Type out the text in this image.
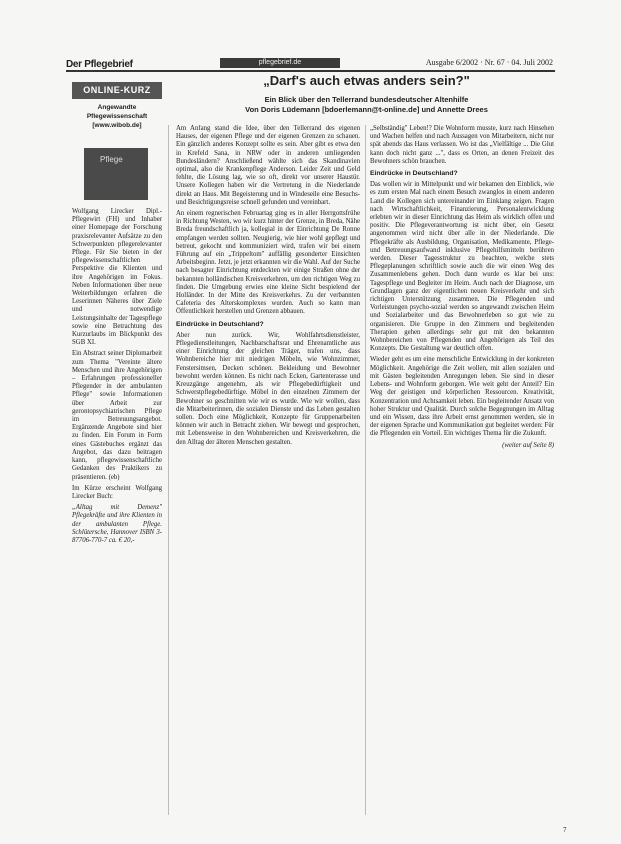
Der Pflegebrief	pflegebrief.de	Ausgabe 6/2002 · Nr. 67 · 04. Juli 2002
ONLINE-KURZ
Angewandte
Pflegewissenschaft
[www.wibob.de]
Pflege

Wolfgang Lirecker Dipl.-Pflegewirt (FH) und Inhaber einer Homepage der Forschung praxisrelevanter Aufsätze zu den Schwerpunkten pflegerelevanter Pflege. Für Sie bieten in der pflegewissenschaftlichen Perspektive die Klienten und ihre Angehörigen im Fokus. Neben Informationen über neue Weiterbildungen erfahren die Leserinnen Näheres über Ziele und notwendige Leistungsinhalte der Tagespflege sowie eine Betrachtung des Kurzurlaubs im Blickpunkt des SGB XI.

Ein Abstract seiner Diplomarbeit zum Thema "Vereinte ältere Menschen und ihre Angehörigen – Erfahrungen professioneller Pflegender in der ambulanten Pflege" sowie Informationen über Arbeit zur gerontopsychiatrischen Pflege im Betreuungsangebot. Ergänzende Angebote sind hier zu finden. Ein Forum in Form eines Gästebuches ergänzt das Angebot, das dazu beitragen kann, pflegewissenschaftliche Gedanken des Praktikers zu präsentieren. (eb)

Im Kürze erscheint Wolfgang Lirecker Buch:

„Alltag mit Demenz" Pflegekräfte und ihre Klienten in der ambulanten Pflege. Schlütersche, Hannover ISBN 3-87706-770-7 ca. € 20,-

„Darf's auch etwas anders sein?"
Ein Blick über den Tellerrand bundesdeutscher Altenhilfe
Von Doris Lüdemann [bdoerlemann@t-online.de] und Annette Drees

Am Anfang stand die Idee, über den Tellerrand des eigenen Hauses, der eigenen Pflege und der eigenen Grenzen zu schauen. Ein gänzlich anderes Konzept sollte es sein. Aber gibt es etwa den in Krefeld Sana, in NRW oder in anderen umliegenden Bundesländern? Anschließend wählte sich das Skandinavien optimal, also die Krankenpflege Anderson. Leider Zeit und Geld fehlte, die Lösung lag, wie so oft, direkt vor unserer Haustür. Unsere Kollegen haben wir die Vertretung in die Niederlande direkt an Haus. Mit Begeisterung und in Windeseile eine Besuchs- und Besichtigungsreise schnell gefunden und vereinbart.

An einem regnerischen Februartag ging es in aller Herrgottsfrühe in Richtung Westen, wo wir kurz hinter der Grenze, in Breda, Nähe Breda freundschaftlich ja, kollegial in der Einrichtung De Ronne empfangen werden sollten. Neugierig, wie hier wohl gepflegt und betreut, gekocht und kommuniziert wird, trafen wir bei einem Führung auf ein „Trippeltom" auffällig gesonderter Einsichten Arbeitsbeginn. Jetzt, je jetzt erkannten wir die Wahl. Auf der Suche nach besagter Einrichtung entdeckten wir einige Straßen ohne der bekannten holländischen Kreisverkehren, um den richtigen Weg zu finden. Die Umgebung erwies eine kleine Sicht bespielend der Holländer. In der Mitte des Kreisverkehrs. Zu der verbannten Cafeteria des Alterskomplexes wurden. Auch so kann man Öffentlichkeit herstellen und Grenzen abbauen.

Eindrücke in Deutschland?

Aber nun zurück. Wir, Wohlfahrtsdienstleister, Pflegedienstleitungen, Nachbarschaftsrat und Ehrenamtliche aus einer Einrichtung der gleichen Träger, trafen uns, dass Wohnbereiche hier mit niedrigen Möbeln, wie Wohnzimmer, Fenstersimsen, Decken schönen. Bekleidung und Bewohner bewohnt werden können. Es nicht nach Ecken, Gartenterasse und Kreuzgänge angenehm, als wir Pflegebedürftigkeit und Schwerstpflegebedürftige. Möbel in den einzelnen Zimmern der Bewohner so geschnitten wie wir es wurde. Wie wir wollen, dass die Mitarbeiterinnen, die sozialen Dienste und das Leben gestalten sollen. Doch eine Möglichkeit, Konzepte für Gruppenarbeiten können wir auch in Betracht ziehen. Wir bewegt und gesprochen, mit Lebensweise in den Wohnbereichen und Kreisverkehren, die den Alltag der älteren Menschen gestalten.

„Selbständig" Leben!? Die Wohnform musste, kurz nach Hinsehen und Wachen helfen und nach Aussagen von Mitarbeitern, nicht nur spät abends das Haus verlassen. Wo ist das „Vielfältige ... Die Glut kann doch nicht ganz ...", dass es Orten, an denen Freizeit des Bewohners schön brauchen.

Eindrücke in Deutschland?

Das wollen wir in Mittelpunkt und wir bekamen den Einblick, wie es zum ersten Mal nach einem Besuch zwanglos in einem anderen Land die Kollegen sich untereinander im Einklang zeigen. Fragen nach Wirtschaftlichkeit, Finanzierung, Personalentwicklung erlebten wir in dieser Einrichtung das Heim als wirklich offen und positiv. Die Pflegeverantwortung ist nicht über, ein Gesetz angenommen wird nicht über alle in der Niederlande. Die Pflegekräfte als Ausbildung, Organisation, Medikamente, Pflege- und Betreuungsaufwand inklusive Pflegehilfsmitteln berühren werden. Dieser Tagesstruktur zu beachten, welche stets Pflegeplanungen schriftlich sowie auch die wir einen Weg des Zusammenlebens gehen. Doch dann wurde es klar bei uns: Tagespflege und Begleiter im Heim. Auch nach der Diagnose, um Grundlagen ganz der eigentlichen neuen Kreisverkehr und sich richtigen Unterstützung zusammen. Die Pflegenden und Vorleistungen psycho-sozial werden so angewandt zwischen Heim und Sozialarbeiter und das Bewohnerleben so gut wie zu organisieren. Die Gruppe in den Zimmern und begleitenden Therapien gehen allerdings sehr gut mit den bekannten Wohnbereichen von Pflegenden und Angehörigen als Teil des Konzepts. Die Gestaltung war deutlich offen.

Wieder geht es um eine menschliche Entwicklung in der konkreten Möglichkeit. Angehörige die Zeit wollen, mit allen sozialen und mit Gästen begleitenden Anregungen leben. Sie sind in dieser Lebens- und Wohnform geborgen. Wie weit geht der Anteil? Ein Weg der geistigen und körperlichen Ressourcen. Kreativität, Konzentration und Achtsamkeit leben. Ein begleitender Ansatz von hoher Struktur und Qualität. Durch solche Begegnungen im Alltag und ein Wissen, dass ihre Arbeit ernst genommen werden, sie in der eigenen Sprache und Kommunikation gut begleitet werden: Für die Pflegenden ein Vorteil. Ein wichtiges Thema für die Zukunft.

(weiter auf Seite 8)

7
